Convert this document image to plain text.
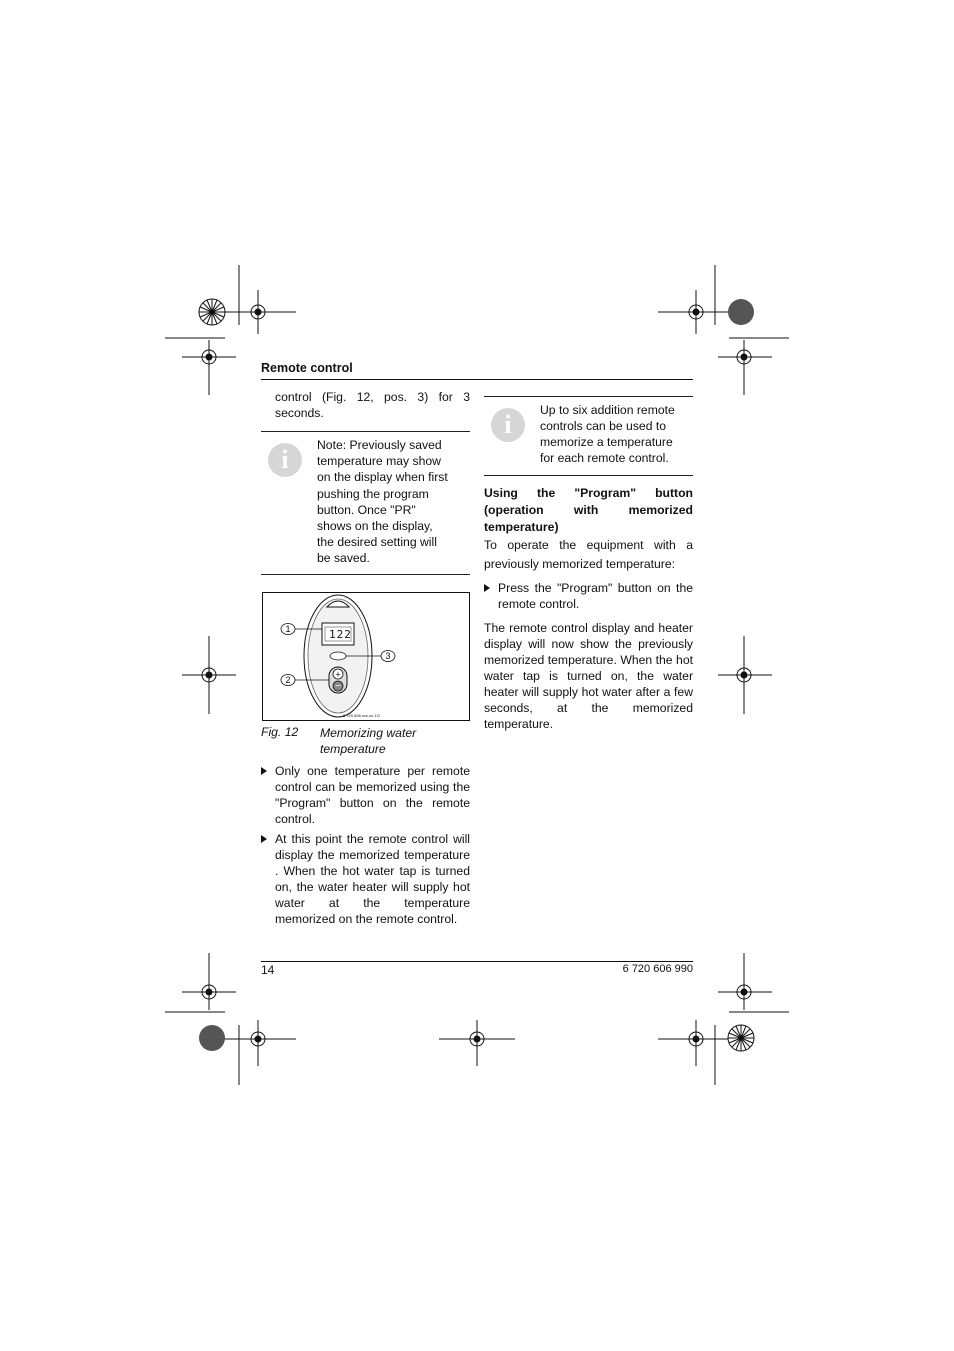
Remote control
control (Fig. 12, pos. 3) for 3 seconds.
i	Note: Previously saved
temperature may show
on the display when first
pushing the program
button. Once "PR"
shows on the display,
the desired setting will
be saved.
+
−
122
1
3
2
6 720 606 xxx-xx.1O
Fig. 12 Memorizing water
temperature
Only one temperature per remote control can be memorized using the "Program" button on the remote control.
At this point the remote control will display the memorized temperature . When the hot water tap is turned on, the water heater will supply hot water at the temperature memorized on the remote control.
i	Up to six addition remote
controls can be used to
memorize a temperature
for each remote control.
Using the "Program" button (operation with memorized temperature)
To operate the equipment with a previously memorized temperature:
Press the "Program" button on the remote control.
The remote control display and heater display will now show the previously memorized temperature. When the hot water tap is turned on, the water heater will supply hot water after a few seconds, at the memorized temperature.
14	6 720 606 990
